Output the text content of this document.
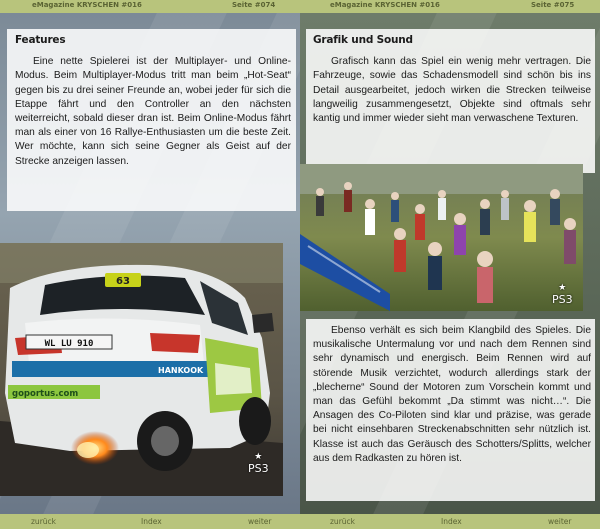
eMagazine KRYSCHEN #016	Seite #074	eMagazine KRYSCHEN #016	Seite #075
Features

Eine nette Spielerei ist der Multiplayer- und Online-Modus. Beim Multiplayer-Modus tritt man beim „Hot-Seat“ gegen bis zu drei seiner Freunde an, wobei jeder für sich die Etappe fährt und den Controller an den nächsten weiterreicht, sobald dieser dran ist. Beim Online-Modus fährt man als einer von 16 Rallye-Enthusiasten um die beste Zeit. Wer möchte, kann sich seine Gegner als Geist auf der Strecke anzeigen lassen.

63
WL LU 910
HANKOOK
goportus.com
★
PS3
Grafik und Sound

Grafisch kann das Spiel ein wenig mehr vertragen. Die Fahrzeuge, sowie das Schadensmodell sind schön bis ins Detail ausgearbeitet, jedoch wirken die Strecken teilweise langweilig zusammengesetzt, Objekte sind oftmals sehr kantig und immer wieder sieht man verwaschene Texturen.

★
PS3

Ebenso verhält es sich beim Klangbild des Spieles. Die musikalische Untermalung vor und nach dem Rennen sind sehr dynamisch und energisch. Beim Rennen wird auf störende Musik verzichtet, wodurch allerdings stark der „blecherne“ Sound der Motoren zum Vorschein kommt und man das Gefühl bekommt „Da stimmt was nicht…“. Die Ansagen des Co-Piloten sind klar und präzise, was gerade bei nicht einsehbaren Streckenabschnitten sehr nützlich ist. Klasse ist auch das Geräusch des Schotters/Splitts, welcher aus dem Radkasten zu hören ist.

zurück	Index	weiter	zurück	Index	weiter
